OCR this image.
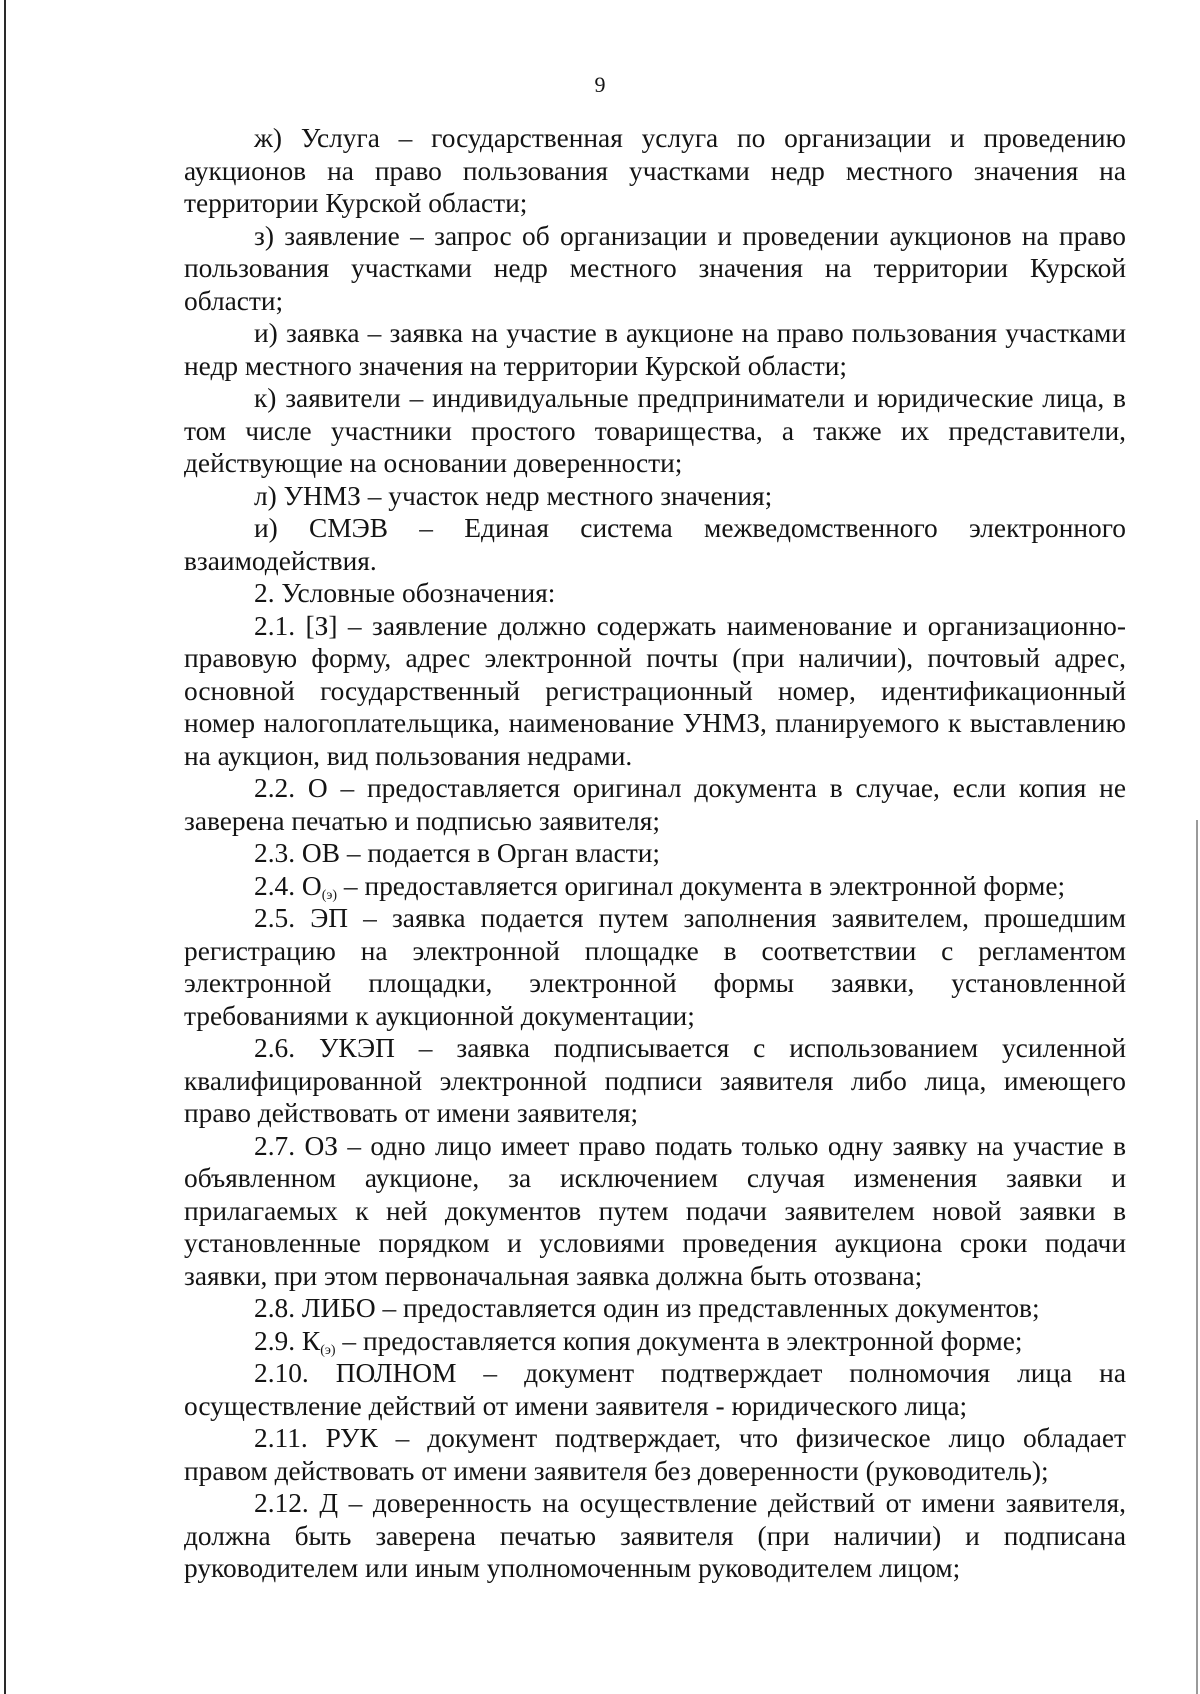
9

ж) Услуга – государственная услуга по организации и проведению аукционов на право пользования участками недр местного значения на территории Курской области;

з) заявление – запрос об организации и проведении аукционов на право пользования участками недр местного значения на территории Курской области;

и) заявка – заявка на участие в аукционе на право пользования участками недр местного значения на территории Курской области;

к) заявители – индивидуальные предприниматели и юридические лица, в том числе участники простого товарищества, а также их представители, действующие на основании доверенности;

л) УНМЗ – участок недр местного значения;

и) СМЭВ – Единая система межведомственного электронного взаимодействия.

2. Условные обозначения:

2.1. [З] – заявление должно содержать наименование и организационно-правовую форму, адрес электронной почты (при наличии), почтовый адрес, основной государственный регистрационный номер, идентификационный номер налогоплательщика, наименование УНМЗ, планируемого к выставлению на аукцион, вид пользования недрами.

2.2. О – предоставляется оригинал документа в случае, если копия не заверена печатью и подписью заявителя;

2.3. ОВ – подается в Орган власти;

2.4. $О_{(э)}$ – предоставляется оригинал документа в электронной форме;

2.5. ЭП – заявка подается путем заполнения заявителем, прошедшим регистрацию на электронной площадке в соответствии с регламентом электронной площадки, электронной формы заявки, установленной требованиями к аукционной документации;

2.6. УКЭП – заявка подписывается с использованием усиленной квалифицированной электронной подписи заявителя либо лица, имеющего право действовать от имени заявителя;

2.7. ОЗ – одно лицо имеет право подать только одну заявку на участие в объявленном аукционе, за исключением случая изменения заявки и прилагаемых к ней документов путем подачи заявителем новой заявки в установленные порядком и условиями проведения аукциона сроки подачи заявки, при этом первоначальная заявка должна быть отозвана;

2.8. ЛИБО – предоставляется один из представленных документов;

2.9. $К_{(э)}$ – предоставляется копия документа в электронной форме;

2.10. ПОЛНОМ – документ подтверждает полномочия лица на осуществление действий от имени заявителя - юридического лица;

2.11. РУК – документ подтверждает, что физическое лицо обладает правом действовать от имени заявителя без доверенности (руководитель);

2.12. Д – доверенность на осуществление действий от имени заявителя, должна быть заверена печатью заявителя (при наличии) и подписана руководителем или иным уполномоченным руководителем лицом;
